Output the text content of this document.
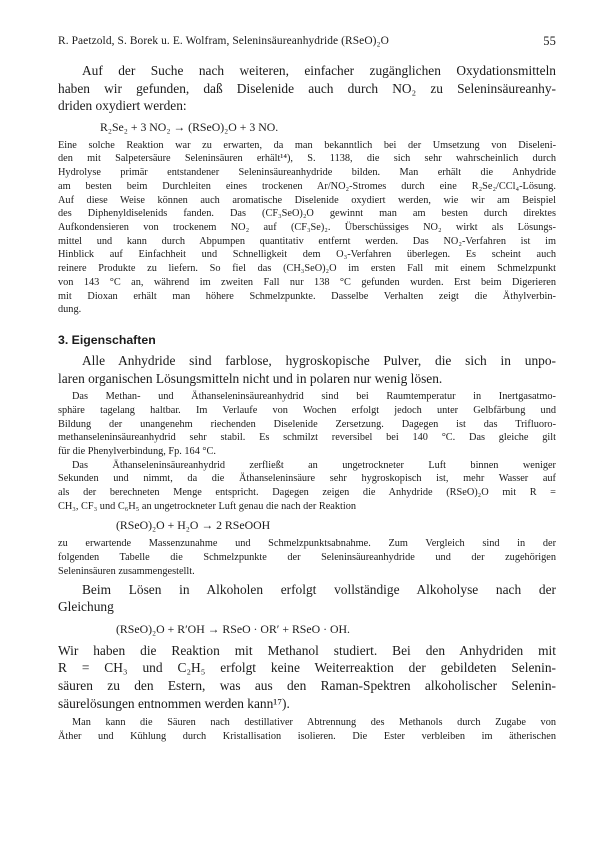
R. Paetzold, S. Borek u. E. Wolfram, Seleninsäureanhydride (RSeO)₂O	55
Auf der Suche nach weiteren, einfacher zugänglichen Oxydationsmitteln
haben wir gefunden, daß Diselenide auch durch NO₂ zu Seleninsäureanhy-
driden oxydiert werden:

R₂Se₂ + 3 NO₂ → (RSeO)₂O + 3 NO.

Eine solche Reaktion war zu erwarten, da man bekanntlich bei der Umsetzung von Diseleni-
den mit Salpetersäure Seleninsäuren erhält¹⁴), S. 1138, die sich sehr wahrscheinlich durch
Hydrolyse primär entstandener Seleninsäureanhydride bilden. Man erhält die Anhydride
am besten beim Durchleiten eines trockenen Ar/NO₂-Stromes durch eine R₂Se₂/CCl₄-Lösung.
Auf diese Weise können auch aromatische Diselenide oxydiert werden, wie wir am Beispiel
des Diphenyldiselenids fanden. Das (CF₃SeO)₂O gewinnt man am besten durch direktes
Aufkondensieren von trockenem NO₂ auf (CF₃Se)₂. Überschüssiges NO₂ wirkt als Lösungs-
mittel und kann durch Abpumpen quantitativ entfernt werden. Das NO₂-Verfahren ist im
Hinblick auf Einfachheit und Schnelligkeit dem O₃-Verfahren überlegen. Es scheint auch
reinere Produkte zu liefern. So fiel das (CH₃SeO)₂O im ersten Fall mit einem Schmelzpunkt
von 143 °C an, während im zweiten Fall nur 138 °C gefunden wurden. Erst beim Digerieren
mit Dioxan erhält man höhere Schmelzpunkte. Dasselbe Verhalten zeigt die Äthylverbin-
dung.

3. Eigenschaften

Alle Anhydride sind farblose, hygroskopische Pulver, die sich in unpo-
laren organischen Lösungsmitteln nicht und in polaren nur wenig lösen.
Das Methan- und Äthanseleninsäureanhydrid sind bei Raumtemperatur in Inertgasatmo-
sphäre tagelang haltbar. Im Verlaufe von Wochen erfolgt jedoch unter Gelbfärbung und
Bildung der unangenehm riechenden Diselenide Zersetzung. Dagegen ist das Trifluoro-
methanseleninsäureanhydrid sehr stabil. Es schmilzt reversibel bei 140 °C. Das gleiche gilt
für die Phenylverbindung, Fp. 164 °C.
Das Äthanseleninsäureanhydrid zerfließt an ungetrockneter Luft binnen weniger
Sekunden und nimmt, da die Äthanseleninsäure sehr hygroskopisch ist, mehr Wasser auf
als der berechneten Menge entspricht. Dagegen zeigen die Anhydride (RSeO)₂O mit R =
CH₃, CF₃ und C₆H₅ an ungetrockneter Luft genau die nach der Reaktion

(RSeO)₂O + H₂O → 2 RSeOOH

zu erwartende Massenzunahme und Schmelzpunktsabnahme. Zum Vergleich sind in der
folgenden Tabelle die Schmelzpunkte der Seleninsäureanhydride und der zugehörigen
Seleninsäuren zusammengestellt.
Beim Lösen in Alkoholen erfolgt vollständige Alkoholyse nach der
Gleichung

(RSeO)₂O + R′OH → RSeO · OR′ + RSeO · OH.

Wir haben die Reaktion mit Methanol studiert. Bei den Anhydriden mit
R = CH₃ und C₂H₅ erfolgt keine Weiterreaktion der gebildeten Selenin-
säuren zu den Estern, was aus den Raman-Spektren alkoholischer Selenin-
säurelösungen entnommen werden kann¹⁷).
Man kann die Säuren nach destillativer Abtrennung des Methanols durch Zugabe von
Äther und Kühlung durch Kristallisation isolieren. Die Ester verbleiben im ätherischen
